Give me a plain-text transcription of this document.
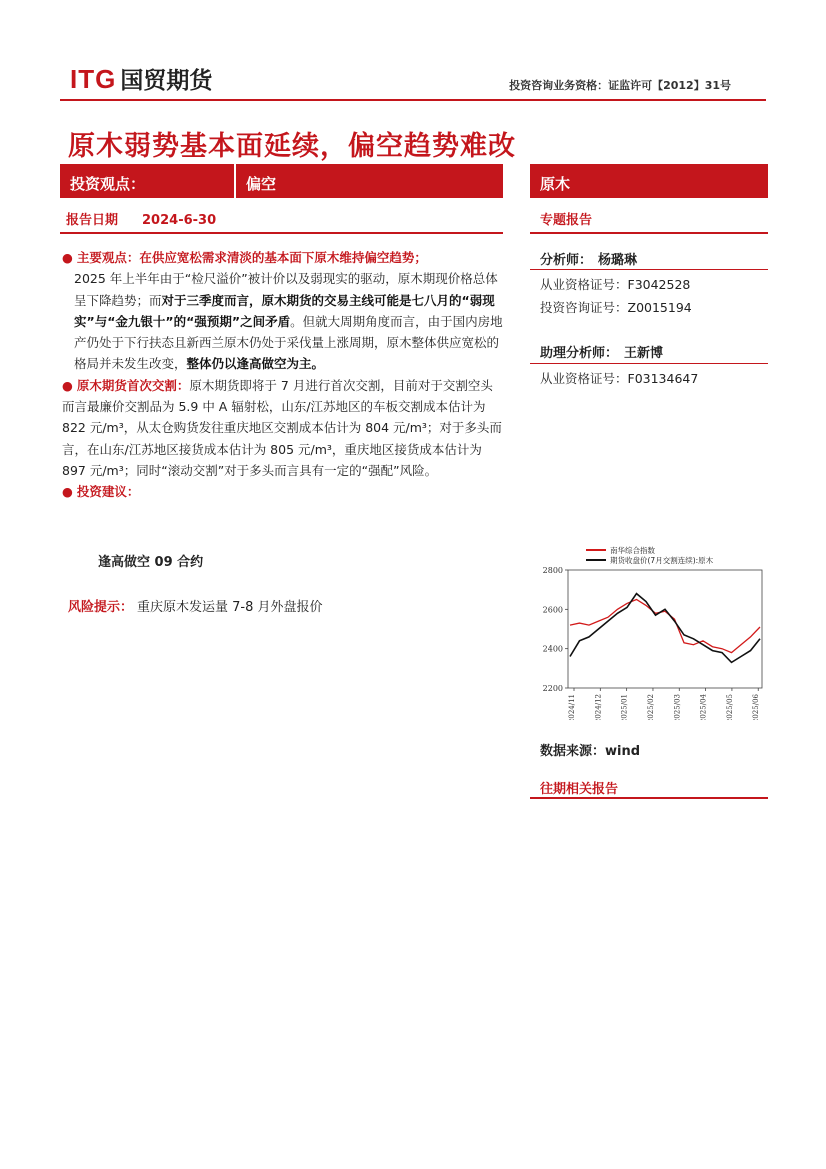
ITG 国贸期货	投资咨询业务资格：证监许可【2012】31号
原木弱势基本面延续，偏空趋势难改
投资观点：	偏空	原木
报告日期 2024-6-30	专题报告

● 主要观点：在供应宽松需求清淡的基本面下原木维持偏空趋势；

2025 年上半年由于“检尺溢价”被计价以及弱现实的驱动，原木期现价格总体呈下降趋势；而对于三季度而言，原木期货的交易主线可能是七八月的“弱现实”与“金九银十”的“强预期”之间矛盾。但就大周期角度而言，由于国内房地产仍处于下行扶态且新西兰原木仍处于采伐量上涨周期，原木整体供应宽松的格局并未发生改变，整体仍以逢高做空为主。

● 原木期货首次交割：原木期货即将于 7 月进行首次交割，目前对于交割空头而言最廉价交割品为 5.9 中 A 辐射松，山东/江苏地区的车板交割成本估计为 822 元/m³，从太仓购货发往重庆地区交割成本估计为 804 元/m³；对于多头而言，在山东/江苏地区接货成本估计为 805 元/m³，重庆地区接货成本估计为 897 元/m³；同时“滚动交割”对于多头而言具有一定的“强配”风险。

● 投资建议：

逢高做空 09 合约
风险提示： 重庆原木发运量 7-8 月外盘报价
分析师： 杨璐琳
从业资格证号：F3042528
投资咨询证号：Z0015194
助理分析师： 王新博
从业资格证号：F03134647
2200
2400
2600
2800
2024/11	2024/12	2025/01	2025/02	2025/03	2025/04	2025/05	2025/06
南华综合指数
期货收盘价(7月交割连续):原木
数据来源：wind
往期相关报告
